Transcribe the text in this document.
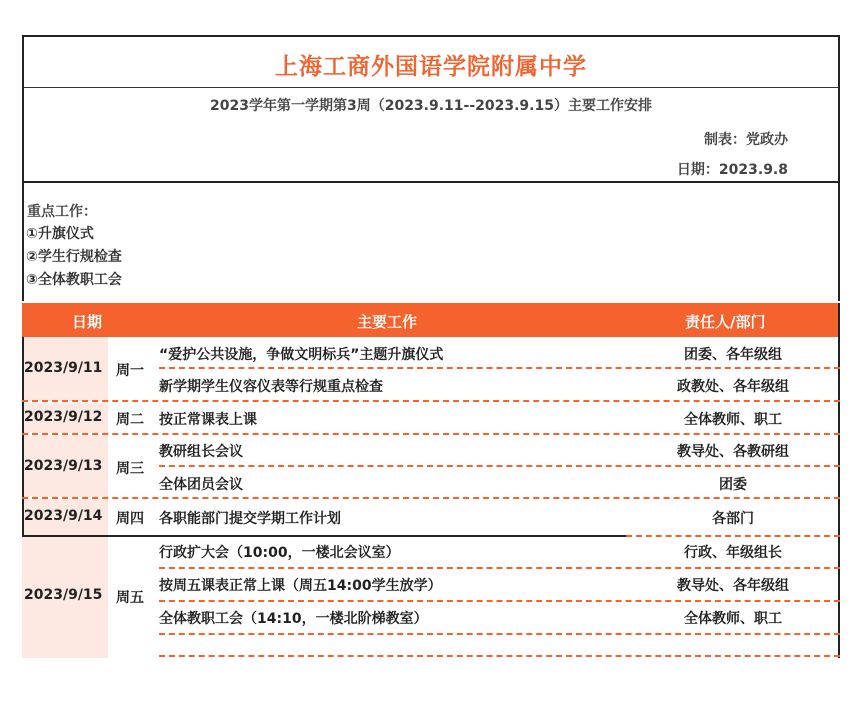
上海工商外国语学院附属中学
2023学年第一学期第3周（2023.9.11--2023.9.15）主要工作安排
制表：党政办
日期：2023.9.8
重点工作：
①升旗仪式
②学生行规检查
③全体教职工会
日期	主要工作	责任人/部门
2023/9/11 周一
“爱护公共设施，争做文明标兵”主题升旗仪式	团委、各年级组
新学期学生仪容仪表等行规重点检查	政教处、各年级组
2023/9/12 周二 按正常课表上课	全体教师、职工
2023/9/13 周三
教研组长会议	教导处、各教研组
全体团员会议	团委
2023/9/14 周四 各职能部门提交学期工作计划	各部门
2023/9/15 周五
行政扩大会（10:00，一楼北会议室）	行政、年级组长
按周五课表正常上课（周五14:00学生放学）	教导处、各年级组
全体教职工会（14:10，一楼北阶梯教室）	全体教师、职工
